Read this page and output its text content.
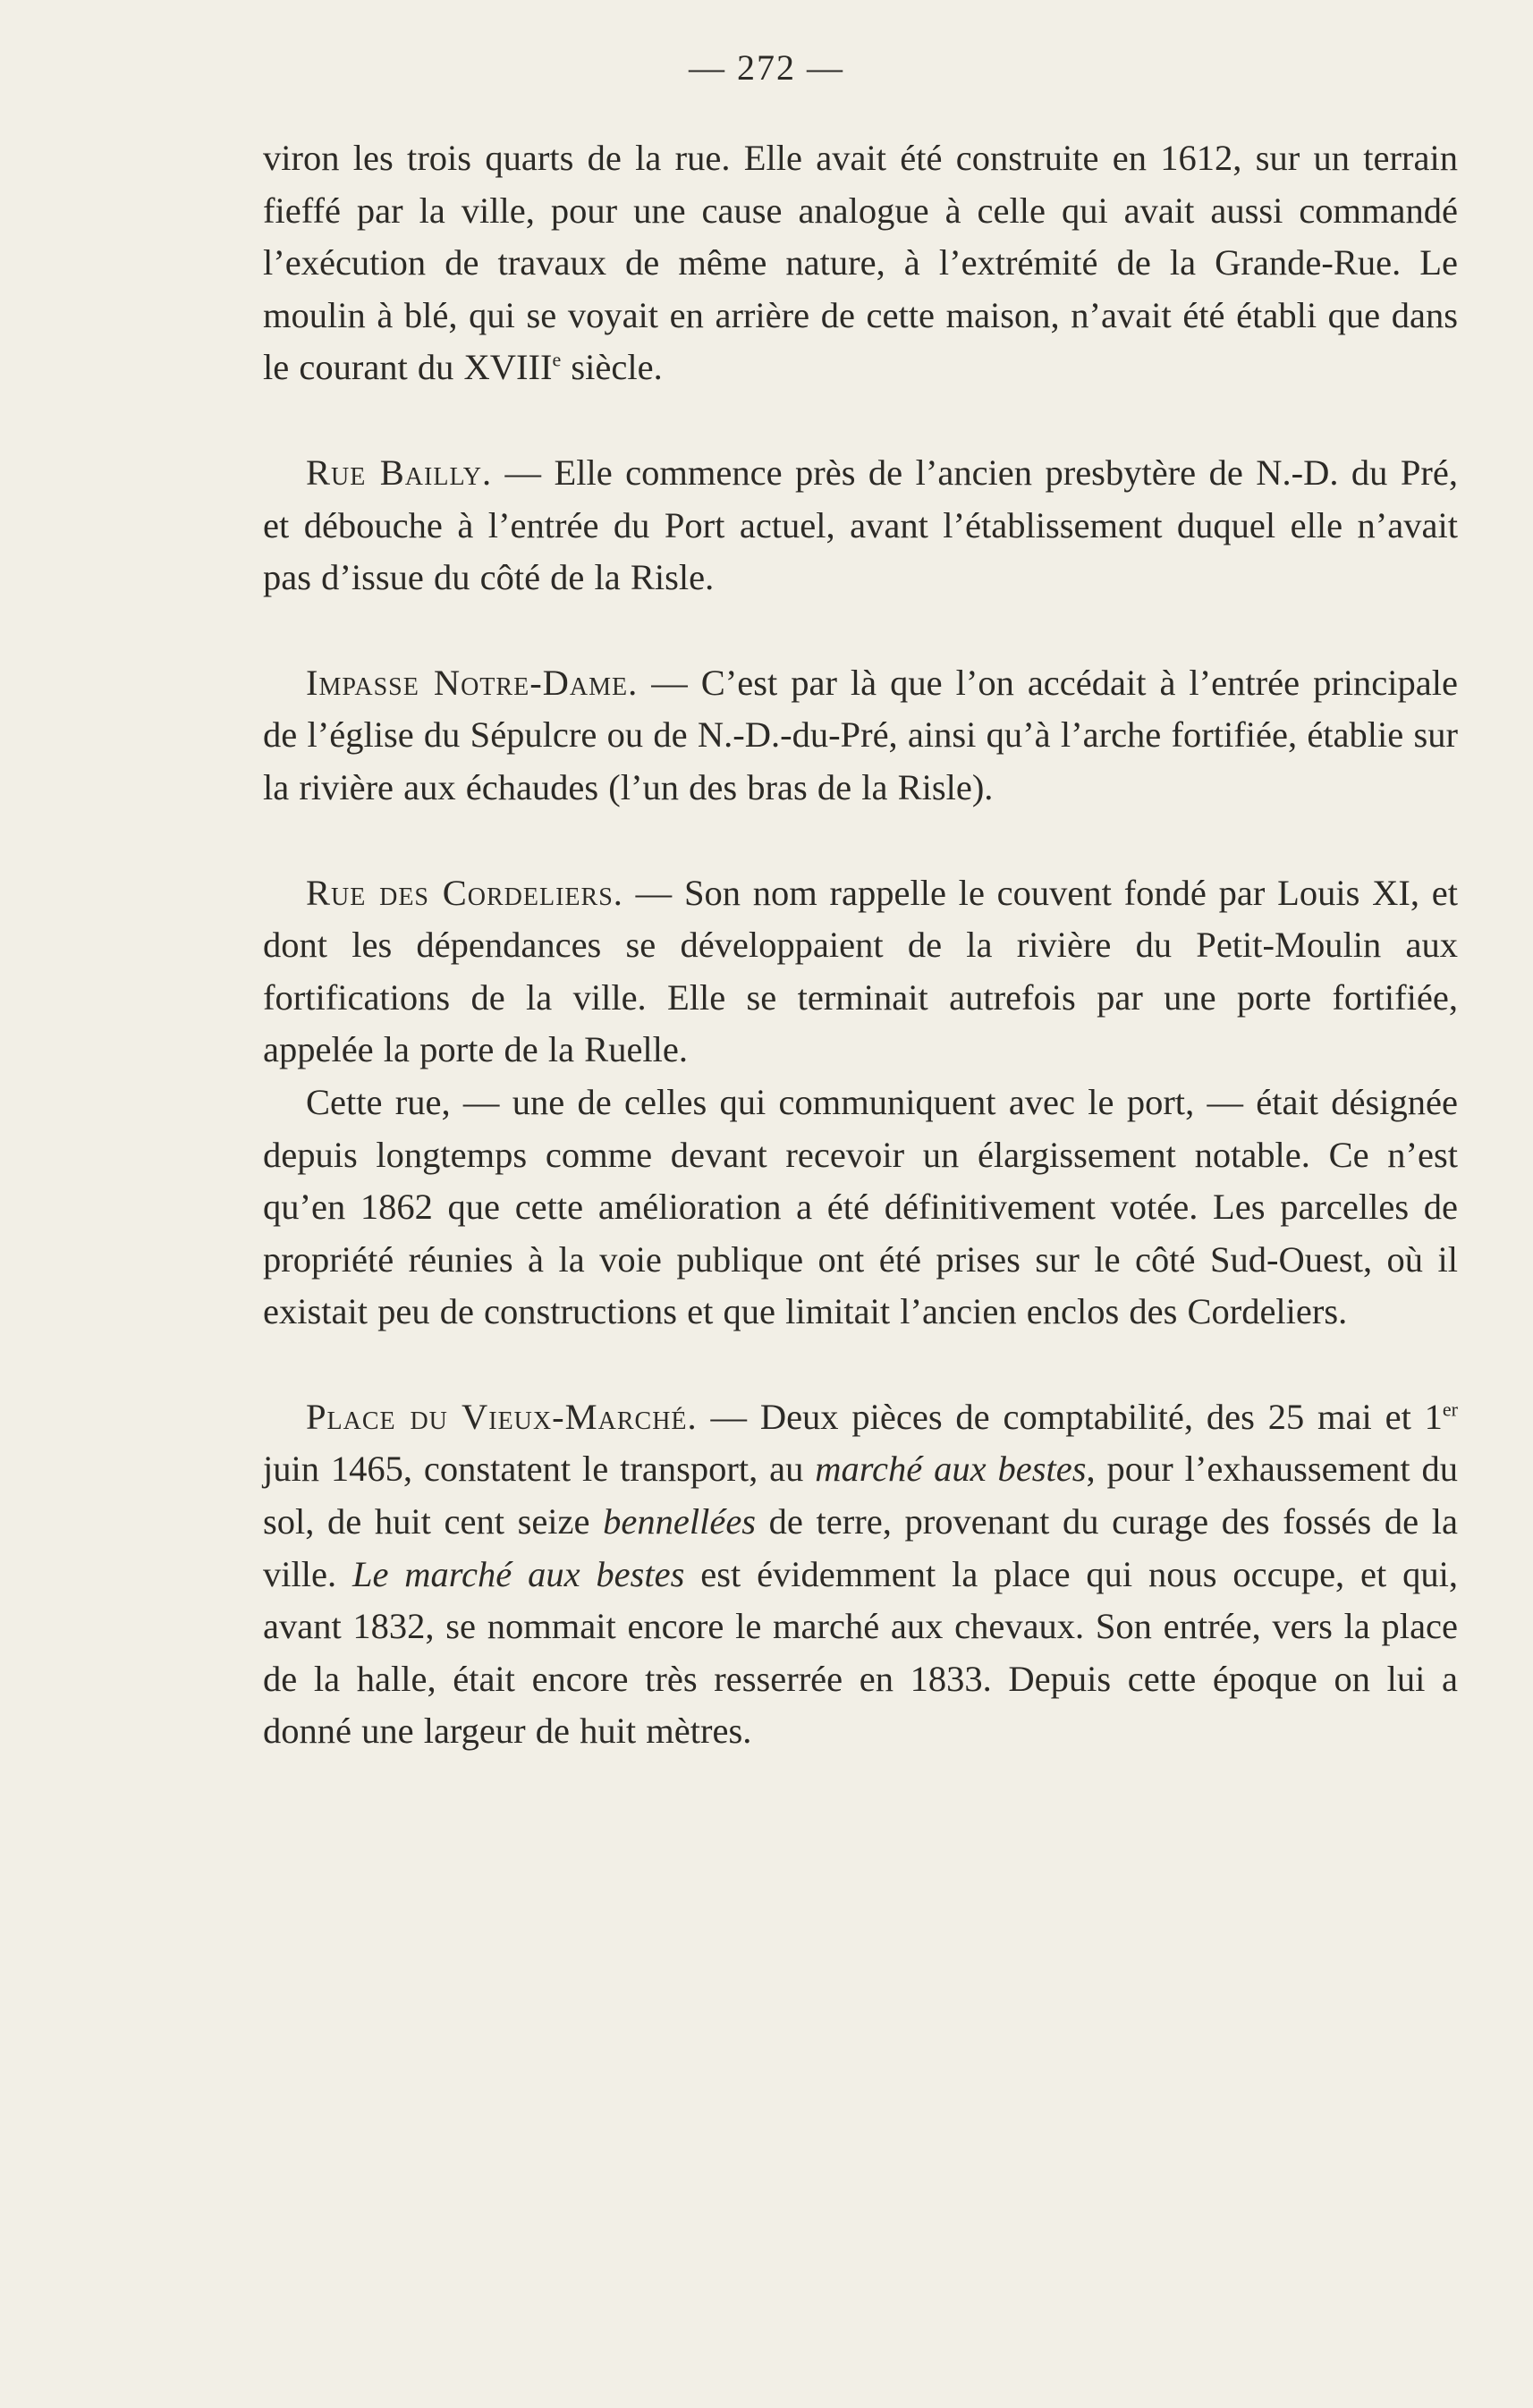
— 272 —

viron les trois quarts de la rue. Elle avait été construite en 1612, sur un terrain fieffé par la ville, pour une cause analogue à celle qui avait aussi commandé l’exécution de travaux de même nature, à l’extrémité de la Grande-Rue. Le moulin à blé, qui se voyait en arrière de cette maison, n’avait été établi que dans le courant du XVIIIe siècle.

Rue Bailly. — Elle commence près de l’ancien presbytère de N.-D. du Pré, et débouche à l’entrée du Port actuel, avant l’établissement duquel elle n’avait pas d’issue du côté de la Risle.

Impasse Notre-Dame. — C’est par là que l’on accédait à l’entrée principale de l’église du Sépulcre ou de N.-D.-du-Pré, ainsi qu’à l’arche fortifiée, établie sur la rivière aux échaudes (l’un des bras de la Risle).

Rue des Cordeliers. — Son nom rappelle le couvent fondé par Louis XI, et dont les dépendances se développaient de la rivière du Petit-Moulin aux fortifications de la ville. Elle se terminait autrefois par une porte fortifiée, appelée la porte de la Ruelle.

Cette rue, — une de celles qui communiquent avec le port, — était désignée depuis longtemps comme devant recevoir un élargissement notable. Ce n’est qu’en 1862 que cette amélioration a été définitivement votée. Les parcelles de propriété réunies à la voie publique ont été prises sur le côté Sud-Ouest, où il existait peu de constructions et que limitait l’ancien enclos des Cordeliers.

Place du Vieux-Marché. — Deux pièces de comptabilité, des 25 mai et 1er juin 1465, constatent le transport, au marché aux bestes, pour l’exhaussement du sol, de huit cent seize bennellées de terre, provenant du curage des fossés de la ville. Le marché aux bestes est évidemment la place qui nous occupe, et qui, avant 1832, se nommait encore le marché aux chevaux. Son entrée, vers la place de la halle, était encore très resserrée en 1833. Depuis cette époque on lui a donné une largeur de huit mètres.
